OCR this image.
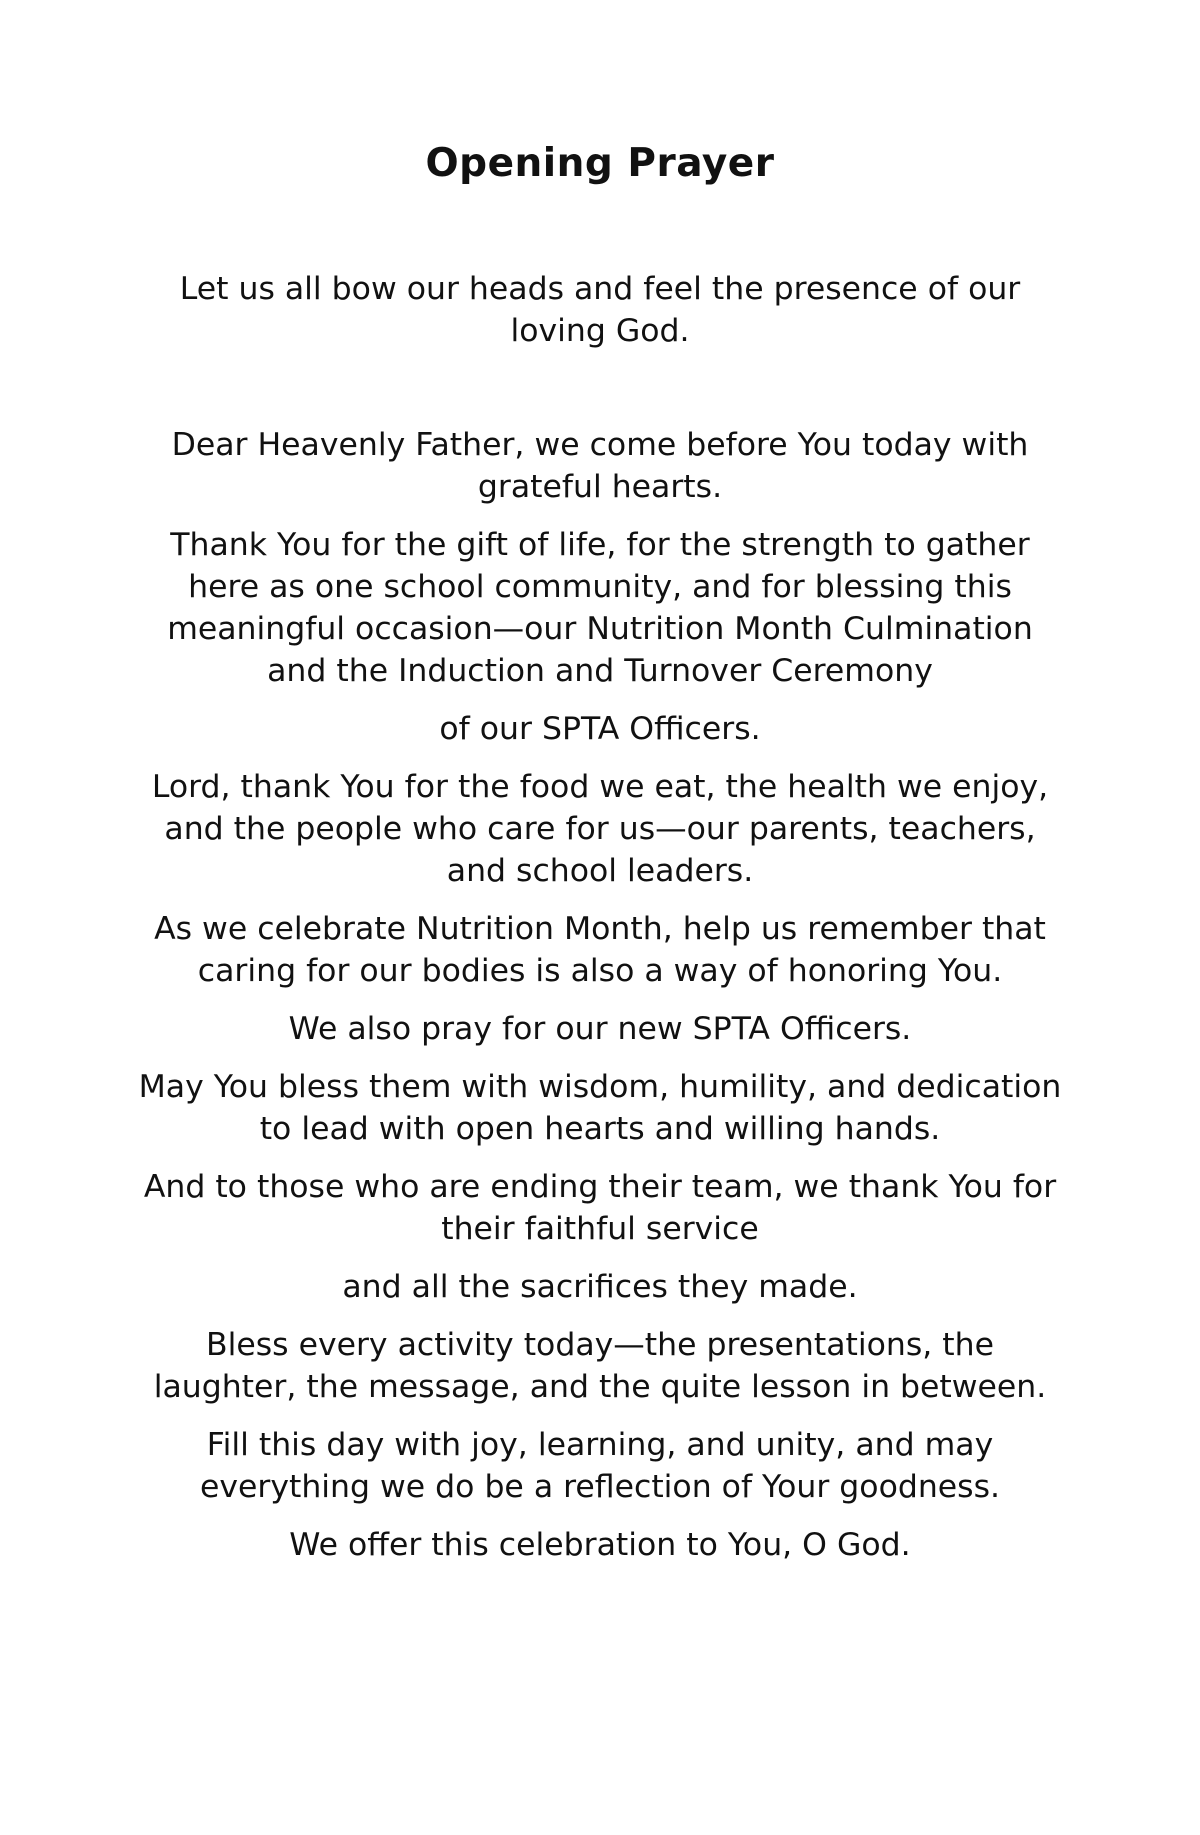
Opening Prayer

Let us all bow our heads and feel the presence of our loving God.

Dear Heavenly Father, we come before You today with grateful hearts.

Thank You for the gift of life, for the strength to gather here as one school community, and for blessing this meaningful occasion—our Nutrition Month Culmination and the Induction and Turnover Ceremony

of our SPTA Officers.

Lord, thank You for the food we eat, the health we enjoy, and the people who care for us—our parents, teachers, and school leaders.

As we celebrate Nutrition Month, help us remember that caring for our bodies is also a way of honoring You.

We also pray for our new SPTA Officers.

May You bless them with wisdom, humility, and dedication to lead with open hearts and willing hands.

And to those who are ending their team, we thank You for their faithful service

and all the sacrifices they made.

Bless every activity today—the presentations, the laughter, the message, and the quite lesson in between.

Fill this day with joy, learning, and unity, and may everything we do be a reflection of Your goodness.

We offer this celebration to You, O God.
